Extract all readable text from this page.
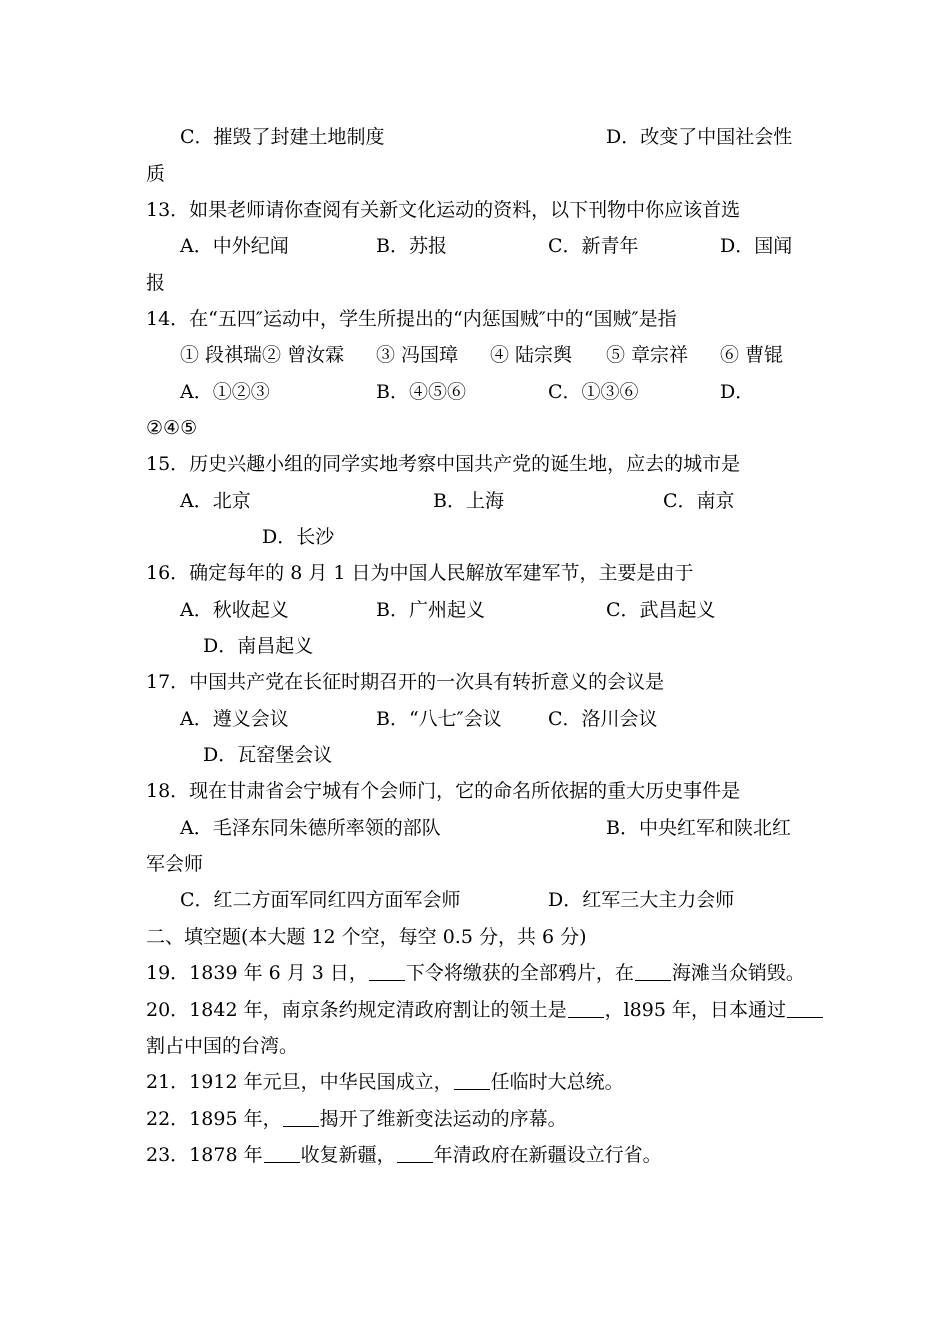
C．摧毁了封建土地制度	D．改变了中国社会性
质
13．如果老师请你查阅有关新文化运动的资料，以下刊物中你应该首选
A．中外纪闻	B．苏报	C．新青年	D．国闻
报
14．在“五四″运动中，学生所提出的“内惩国贼″中的“国贼″是指
① 段祺瑞② 曾汝霖 ③ 冯国璋 ④ 陆宗舆 ⑤ 章宗祥 ⑥ 曹锟
A．①②③	B．④⑤⑥	C．①③⑥	D．
②④⑤
15．历史兴趣小组的同学实地考察中国共产党的诞生地，应去的城市是
A．北京	B．上海	C．南京
D．长沙
16．确定每年的 8 月 1 日为中国人民解放军建军节，主要是由于
A．秋收起义	B．广州起义	C．武昌起义
D．南昌起义
17．中国共产党在长征时期召开的一次具有转折意义的会议是
A．遵义会议	B．“八七″会议 C．洛川会议
D．瓦窑堡会议
18．现在甘肃省会宁城有个会师门，它的命名所依据的重大历史事件是
A．毛泽东同朱德所率领的部队	B．中央红军和陕北红
军会师
C．红二方面军同红四方面军会师	D．红军三大主力会师
二、填空题(本大题 12 个空，每空 0.5 分，共 6 分)
19．1839 年 6 月 3 日， 下令将缴获的全部鸦片，在 海滩当众销毁。
20．1842 年，南京条约规定清政府割让的领土是 ，l895 年，日本通过
割占中国的台湾。
21．1912 年元旦，中华民国成立， 任临时大总统。
22．1895 年， 揭开了维新变法运动的序幕。
23．1878 年 收复新疆， 年清政府在新疆设立行省。
